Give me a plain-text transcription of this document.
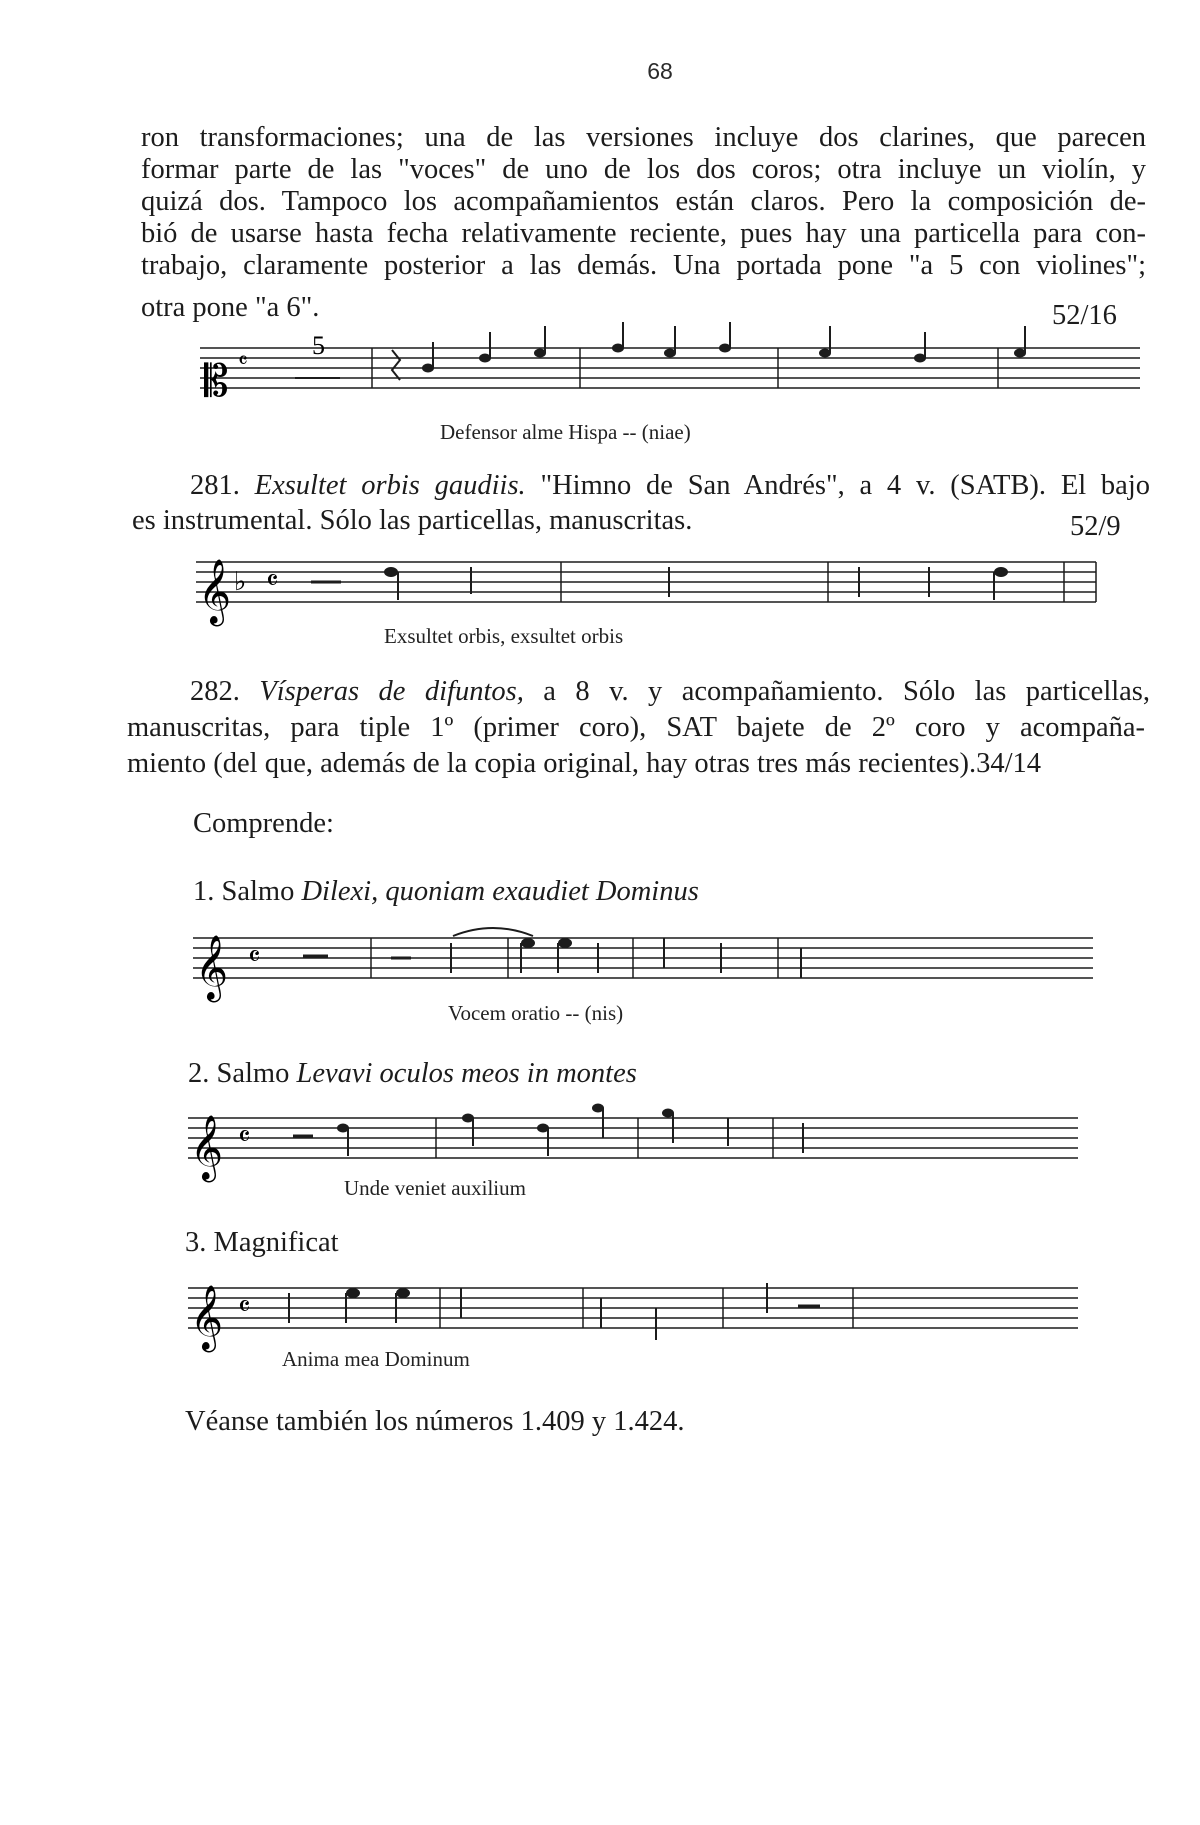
68
ron transformaciones; una de las versiones incluye dos clarines, que parecen
formar parte de las "voces" de uno de los dos coros; otra incluye un violín, y
quizá dos. Tampoco los acompañamientos están claros. Pero la composición de-
bió de usarse hasta fecha relativamente reciente, pues hay una particella para con-
trabajo, claramente posterior a las demás. Una portada pone "a 5 con violines";
otra pone "a 6".	52/16
𝄡 𝄴
5
Defensor alme Hispa -- (niae)
281. Exsultet orbis gaudiis. "Himno de San Andrés", a 4 v. (SATB). El bajo
es instrumental. Sólo las particellas, manuscritas.	52/9
𝄞 ♭ 𝄴
Exsultet orbis, exsultet orbis
282. Vísperas de difuntos, a 8 v. y acompañamiento. Sólo las particellas,
manuscritas, para tiple 1º (primer coro), SAT bajete de 2º coro y acompaña-
miento (del que, además de la copia original, hay otras tres más recientes).34/14
Comprende:
1. Salmo Dilexi, quoniam exaudiet Dominus
𝄞 𝄴
Vocem oratio -- (nis)
2. Salmo Levavi oculos meos in montes
𝄞 𝄴
Unde veniet auxilium
3. Magnificat
𝄞 𝄴
Anima mea Dominum
Véanse también los números 1.409 y 1.424.
